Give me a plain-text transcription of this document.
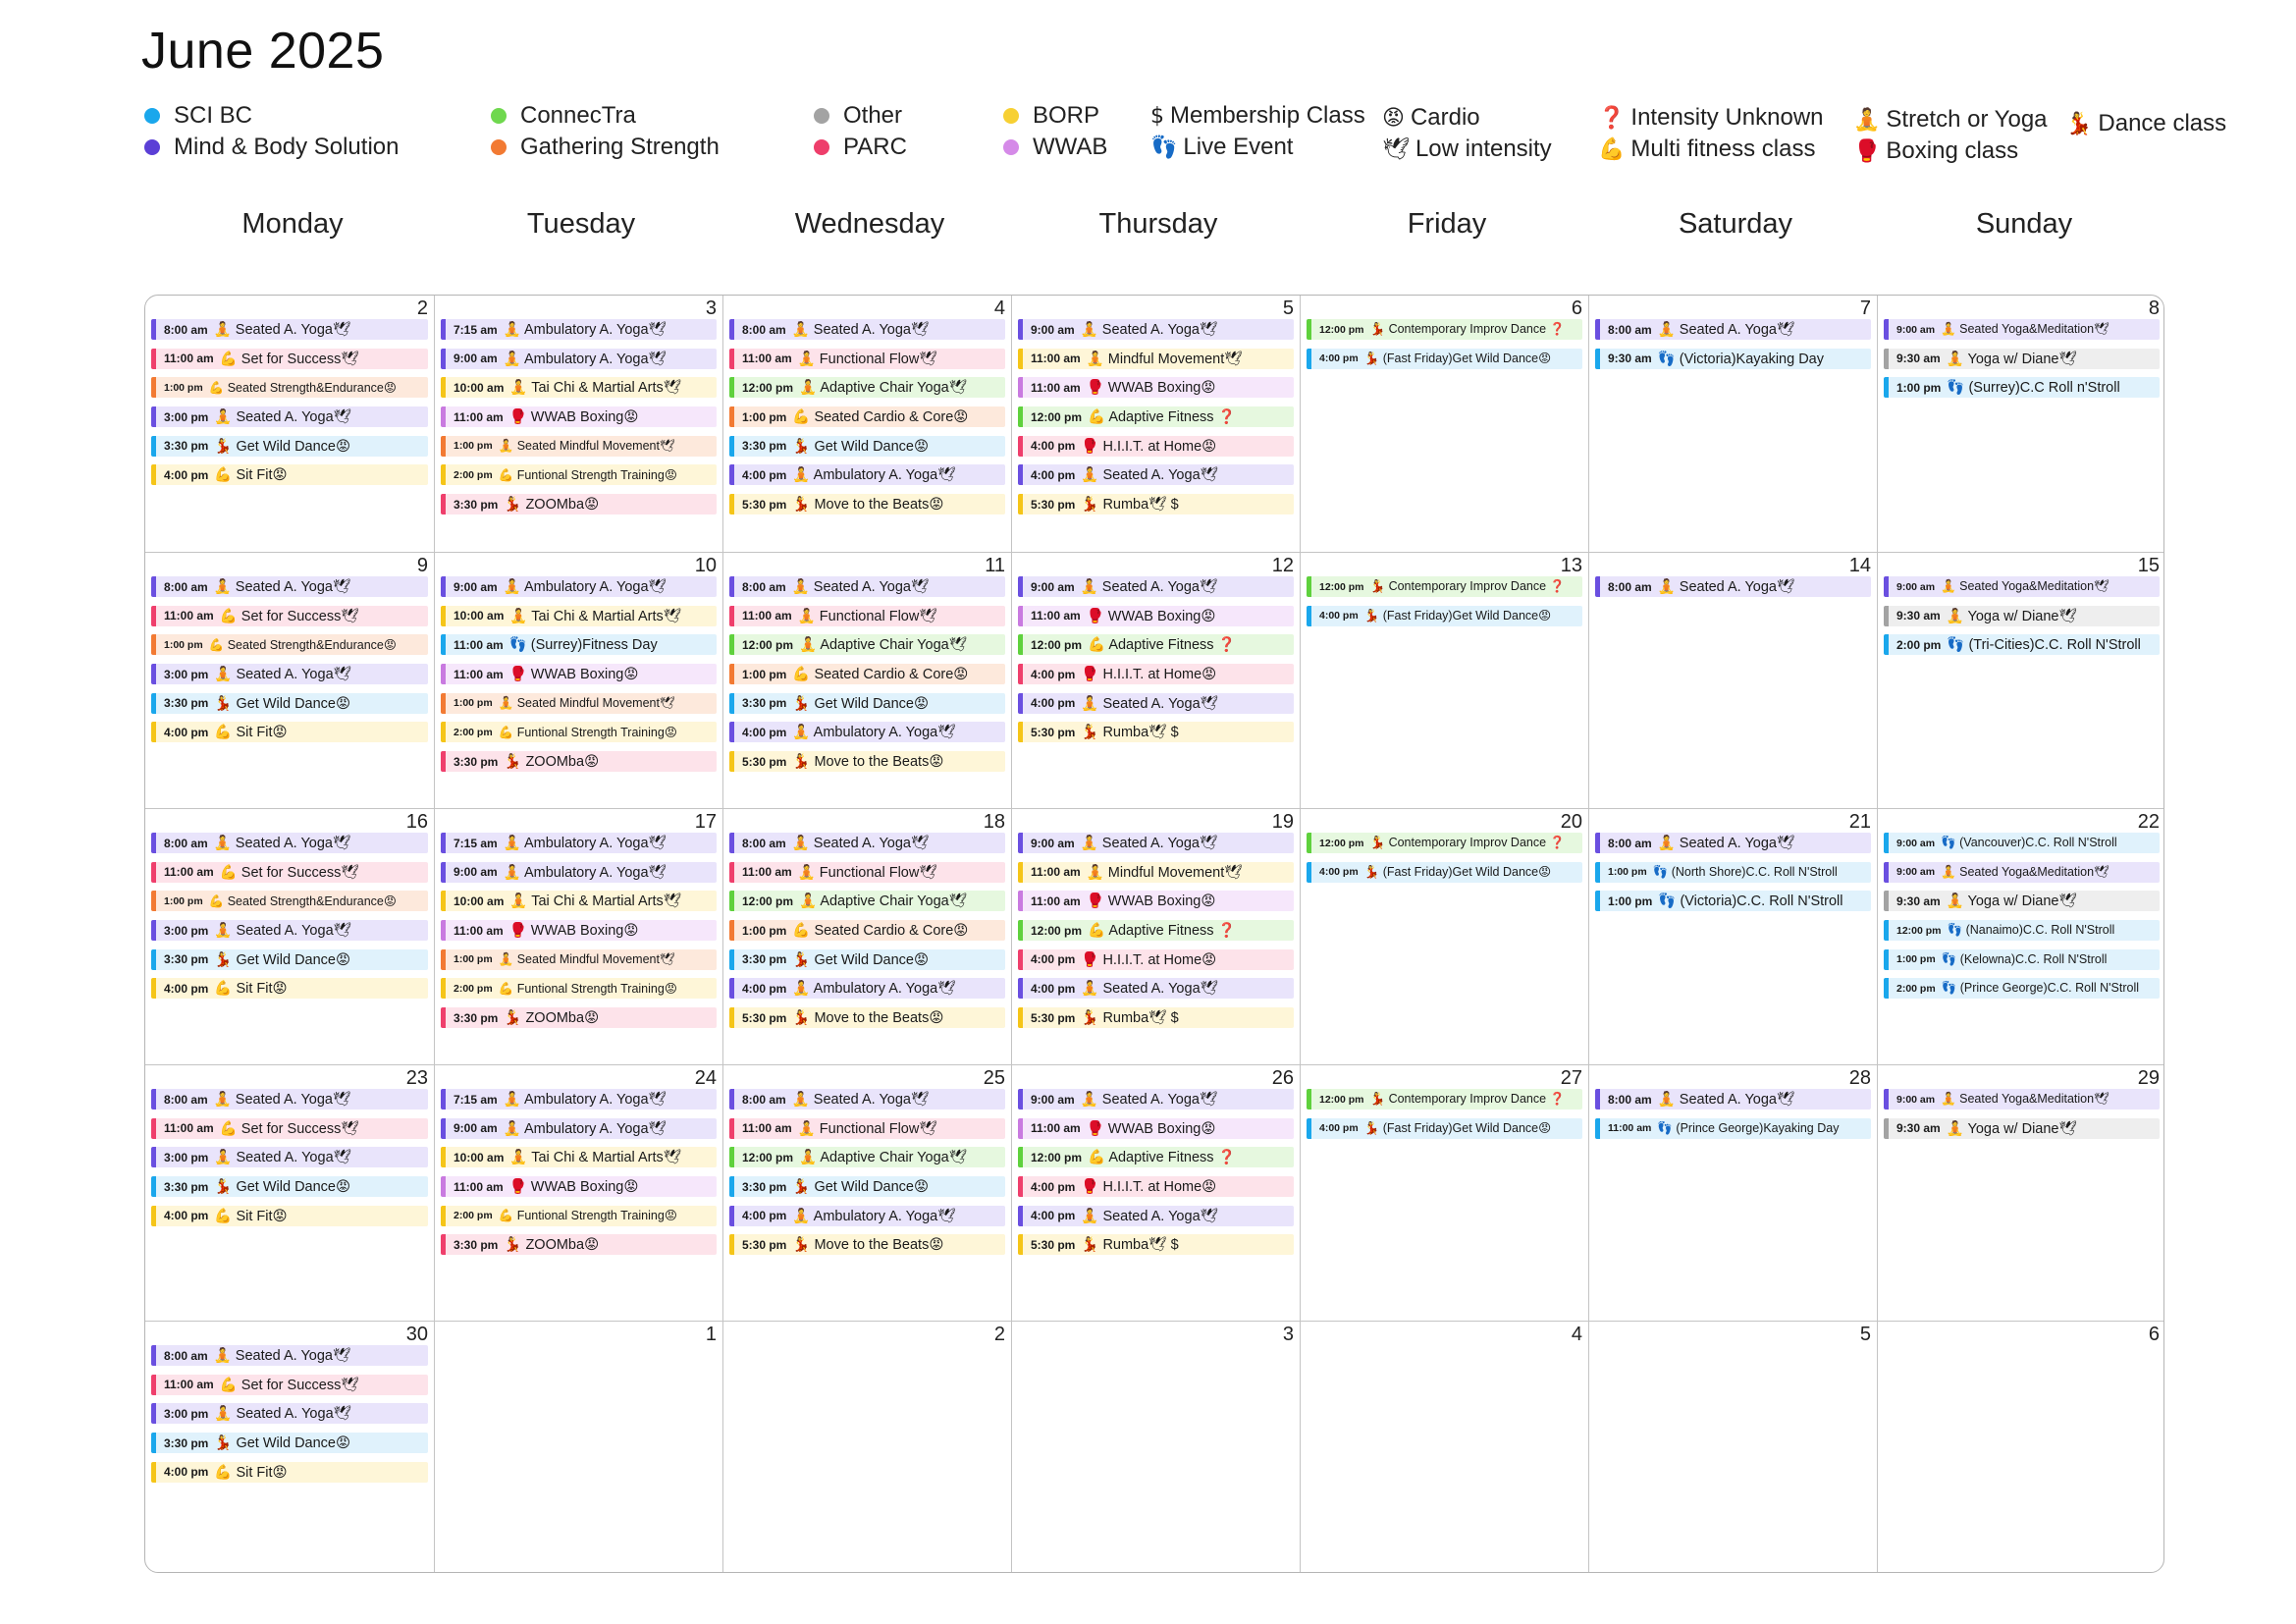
June 2025
SCI BC
Mind & Body Solution
ConnecTra
Gathering Strength
Other
PARC
BORP
WWAB
$ Membership Class
👣 Live Event
😡 Cardio
🕊 Low intensity
❓ Intensity Unknown
💪 Multi fitness class
🧘 Stretch or Yoga
🥊 Boxing class
💃 Dance class
Monday	Tuesday	Wednesday	Thursday	Friday	Saturday	Sunday
2
8:00 am 🧘 Seated A. Yoga🕊
11:00 am 💪 Set for Success🕊
1:00 pm 💪 Seated Strength&Endurance😡
3:00 pm 🧘 Seated A. Yoga🕊
3:30 pm 💃 Get Wild Dance😡
4:00 pm 💪 Sit Fit😡
3
7:15 am 🧘 Ambulatory A. Yoga🕊
9:00 am 🧘 Ambulatory A. Yoga🕊
10:00 am 🧘 Tai Chi & Martial Arts🕊
11:00 am 🥊 WWAB Boxing😡
1:00 pm 🧘 Seated Mindful Movement🕊
2:00 pm 💪 Funtional Strength Training😡
3:30 pm 💃 ZOOMba😡
4
8:00 am 🧘 Seated A. Yoga🕊
11:00 am 🧘 Functional Flow🕊
12:00 pm 🧘 Adaptive Chair Yoga🕊
1:00 pm 💪 Seated Cardio & Core😡
3:30 pm 💃 Get Wild Dance😡
4:00 pm 🧘 Ambulatory A. Yoga🕊
5:30 pm 💃 Move to the Beats😡
5
9:00 am 🧘 Seated A. Yoga🕊
11:00 am 🧘 Mindful Movement🕊
11:00 am 🥊 WWAB Boxing😡
12:00 pm 💪 Adaptive Fitness ❓
4:00 pm 🥊 H.I.I.T. at Home😡
4:00 pm 🧘 Seated A. Yoga🕊
5:30 pm 💃 Rumba🕊 $
6
12:00 pm 💃 Contemporary Improv Dance ❓
4:00 pm 💃 (Fast Friday)Get Wild Dance😡
7
8:00 am 🧘 Seated A. Yoga🕊
9:30 am 👣 (Victoria)Kayaking Day
8
9:00 am 🧘 Seated Yoga&Meditation🕊
9:30 am 🧘 Yoga w/ Diane🕊
1:00 pm 👣 (Surrey)C.C Roll n'Stroll
9
8:00 am 🧘 Seated A. Yoga🕊
11:00 am 💪 Set for Success🕊
1:00 pm 💪 Seated Strength&Endurance😡
3:00 pm 🧘 Seated A. Yoga🕊
3:30 pm 💃 Get Wild Dance😡
4:00 pm 💪 Sit Fit😡
10
9:00 am 🧘 Ambulatory A. Yoga🕊
10:00 am 🧘 Tai Chi & Martial Arts🕊
11:00 am 👣 (Surrey)Fitness Day
11:00 am 🥊 WWAB Boxing😡
1:00 pm 🧘 Seated Mindful Movement🕊
2:00 pm 💪 Funtional Strength Training😡
3:30 pm 💃 ZOOMba😡
11
8:00 am 🧘 Seated A. Yoga🕊
11:00 am 🧘 Functional Flow🕊
12:00 pm 🧘 Adaptive Chair Yoga🕊
1:00 pm 💪 Seated Cardio & Core😡
3:30 pm 💃 Get Wild Dance😡
4:00 pm 🧘 Ambulatory A. Yoga🕊
5:30 pm 💃 Move to the Beats😡
12
9:00 am 🧘 Seated A. Yoga🕊
11:00 am 🥊 WWAB Boxing😡
12:00 pm 💪 Adaptive Fitness ❓
4:00 pm 🥊 H.I.I.T. at Home😡
4:00 pm 🧘 Seated A. Yoga🕊
5:30 pm 💃 Rumba🕊 $
13
12:00 pm 💃 Contemporary Improv Dance ❓
4:00 pm 💃 (Fast Friday)Get Wild Dance😡
14
8:00 am 🧘 Seated A. Yoga🕊
15
9:00 am 🧘 Seated Yoga&Meditation🕊
9:30 am 🧘 Yoga w/ Diane🕊
2:00 pm 👣 (Tri-Cities)C.C. Roll N'Stroll
16
8:00 am 🧘 Seated A. Yoga🕊
11:00 am 💪 Set for Success🕊
1:00 pm 💪 Seated Strength&Endurance😡
3:00 pm 🧘 Seated A. Yoga🕊
3:30 pm 💃 Get Wild Dance😡
4:00 pm 💪 Sit Fit😡
17
7:15 am 🧘 Ambulatory A. Yoga🕊
9:00 am 🧘 Ambulatory A. Yoga🕊
10:00 am 🧘 Tai Chi & Martial Arts🕊
11:00 am 🥊 WWAB Boxing😡
1:00 pm 🧘 Seated Mindful Movement🕊
2:00 pm 💪 Funtional Strength Training😡
3:30 pm 💃 ZOOMba😡
18
8:00 am 🧘 Seated A. Yoga🕊
11:00 am 🧘 Functional Flow🕊
12:00 pm 🧘 Adaptive Chair Yoga🕊
1:00 pm 💪 Seated Cardio & Core😡
3:30 pm 💃 Get Wild Dance😡
4:00 pm 🧘 Ambulatory A. Yoga🕊
5:30 pm 💃 Move to the Beats😡
19
9:00 am 🧘 Seated A. Yoga🕊
11:00 am 🧘 Mindful Movement🕊
11:00 am 🥊 WWAB Boxing😡
12:00 pm 💪 Adaptive Fitness ❓
4:00 pm 🥊 H.I.I.T. at Home😡
4:00 pm 🧘 Seated A. Yoga🕊
5:30 pm 💃 Rumba🕊 $
20
12:00 pm 💃 Contemporary Improv Dance ❓
4:00 pm 💃 (Fast Friday)Get Wild Dance😡
21
8:00 am 🧘 Seated A. Yoga🕊
1:00 pm 👣 (North Shore)C.C. Roll N'Stroll
1:00 pm 👣 (Victoria)C.C. Roll N'Stroll
22
9:00 am 👣 (Vancouver)C.C. Roll N'Stroll
9:00 am 🧘 Seated Yoga&Meditation🕊
9:30 am 🧘 Yoga w/ Diane🕊
12:00 pm 👣 (Nanaimo)C.C. Roll N'Stroll
1:00 pm 👣 (Kelowna)C.C. Roll N'Stroll
2:00 pm 👣 (Prince George)C.C. Roll N'Stroll
23
8:00 am 🧘 Seated A. Yoga🕊
11:00 am 💪 Set for Success🕊
3:00 pm 🧘 Seated A. Yoga🕊
3:30 pm 💃 Get Wild Dance😡
4:00 pm 💪 Sit Fit😡
24
7:15 am 🧘 Ambulatory A. Yoga🕊
9:00 am 🧘 Ambulatory A. Yoga🕊
10:00 am 🧘 Tai Chi & Martial Arts🕊
11:00 am 🥊 WWAB Boxing😡
2:00 pm 💪 Funtional Strength Training😡
3:30 pm 💃 ZOOMba😡
25
8:00 am 🧘 Seated A. Yoga🕊
11:00 am 🧘 Functional Flow🕊
12:00 pm 🧘 Adaptive Chair Yoga🕊
3:30 pm 💃 Get Wild Dance😡
4:00 pm 🧘 Ambulatory A. Yoga🕊
5:30 pm 💃 Move to the Beats😡
26
9:00 am 🧘 Seated A. Yoga🕊
11:00 am 🥊 WWAB Boxing😡
12:00 pm 💪 Adaptive Fitness ❓
4:00 pm 🥊 H.I.I.T. at Home😡
4:00 pm 🧘 Seated A. Yoga🕊
5:30 pm 💃 Rumba🕊 $
27
12:00 pm 💃 Contemporary Improv Dance ❓
4:00 pm 💃 (Fast Friday)Get Wild Dance😡
28
8:00 am 🧘 Seated A. Yoga🕊
11:00 am 👣 (Prince George)Kayaking Day
29
9:00 am 🧘 Seated Yoga&Meditation🕊
9:30 am 🧘 Yoga w/ Diane🕊
30
8:00 am 🧘 Seated A. Yoga🕊
11:00 am 💪 Set for Success🕊
3:00 pm 🧘 Seated A. Yoga🕊
3:30 pm 💃 Get Wild Dance😡
4:00 pm 💪 Sit Fit😡
1	2	3	4	5	6
